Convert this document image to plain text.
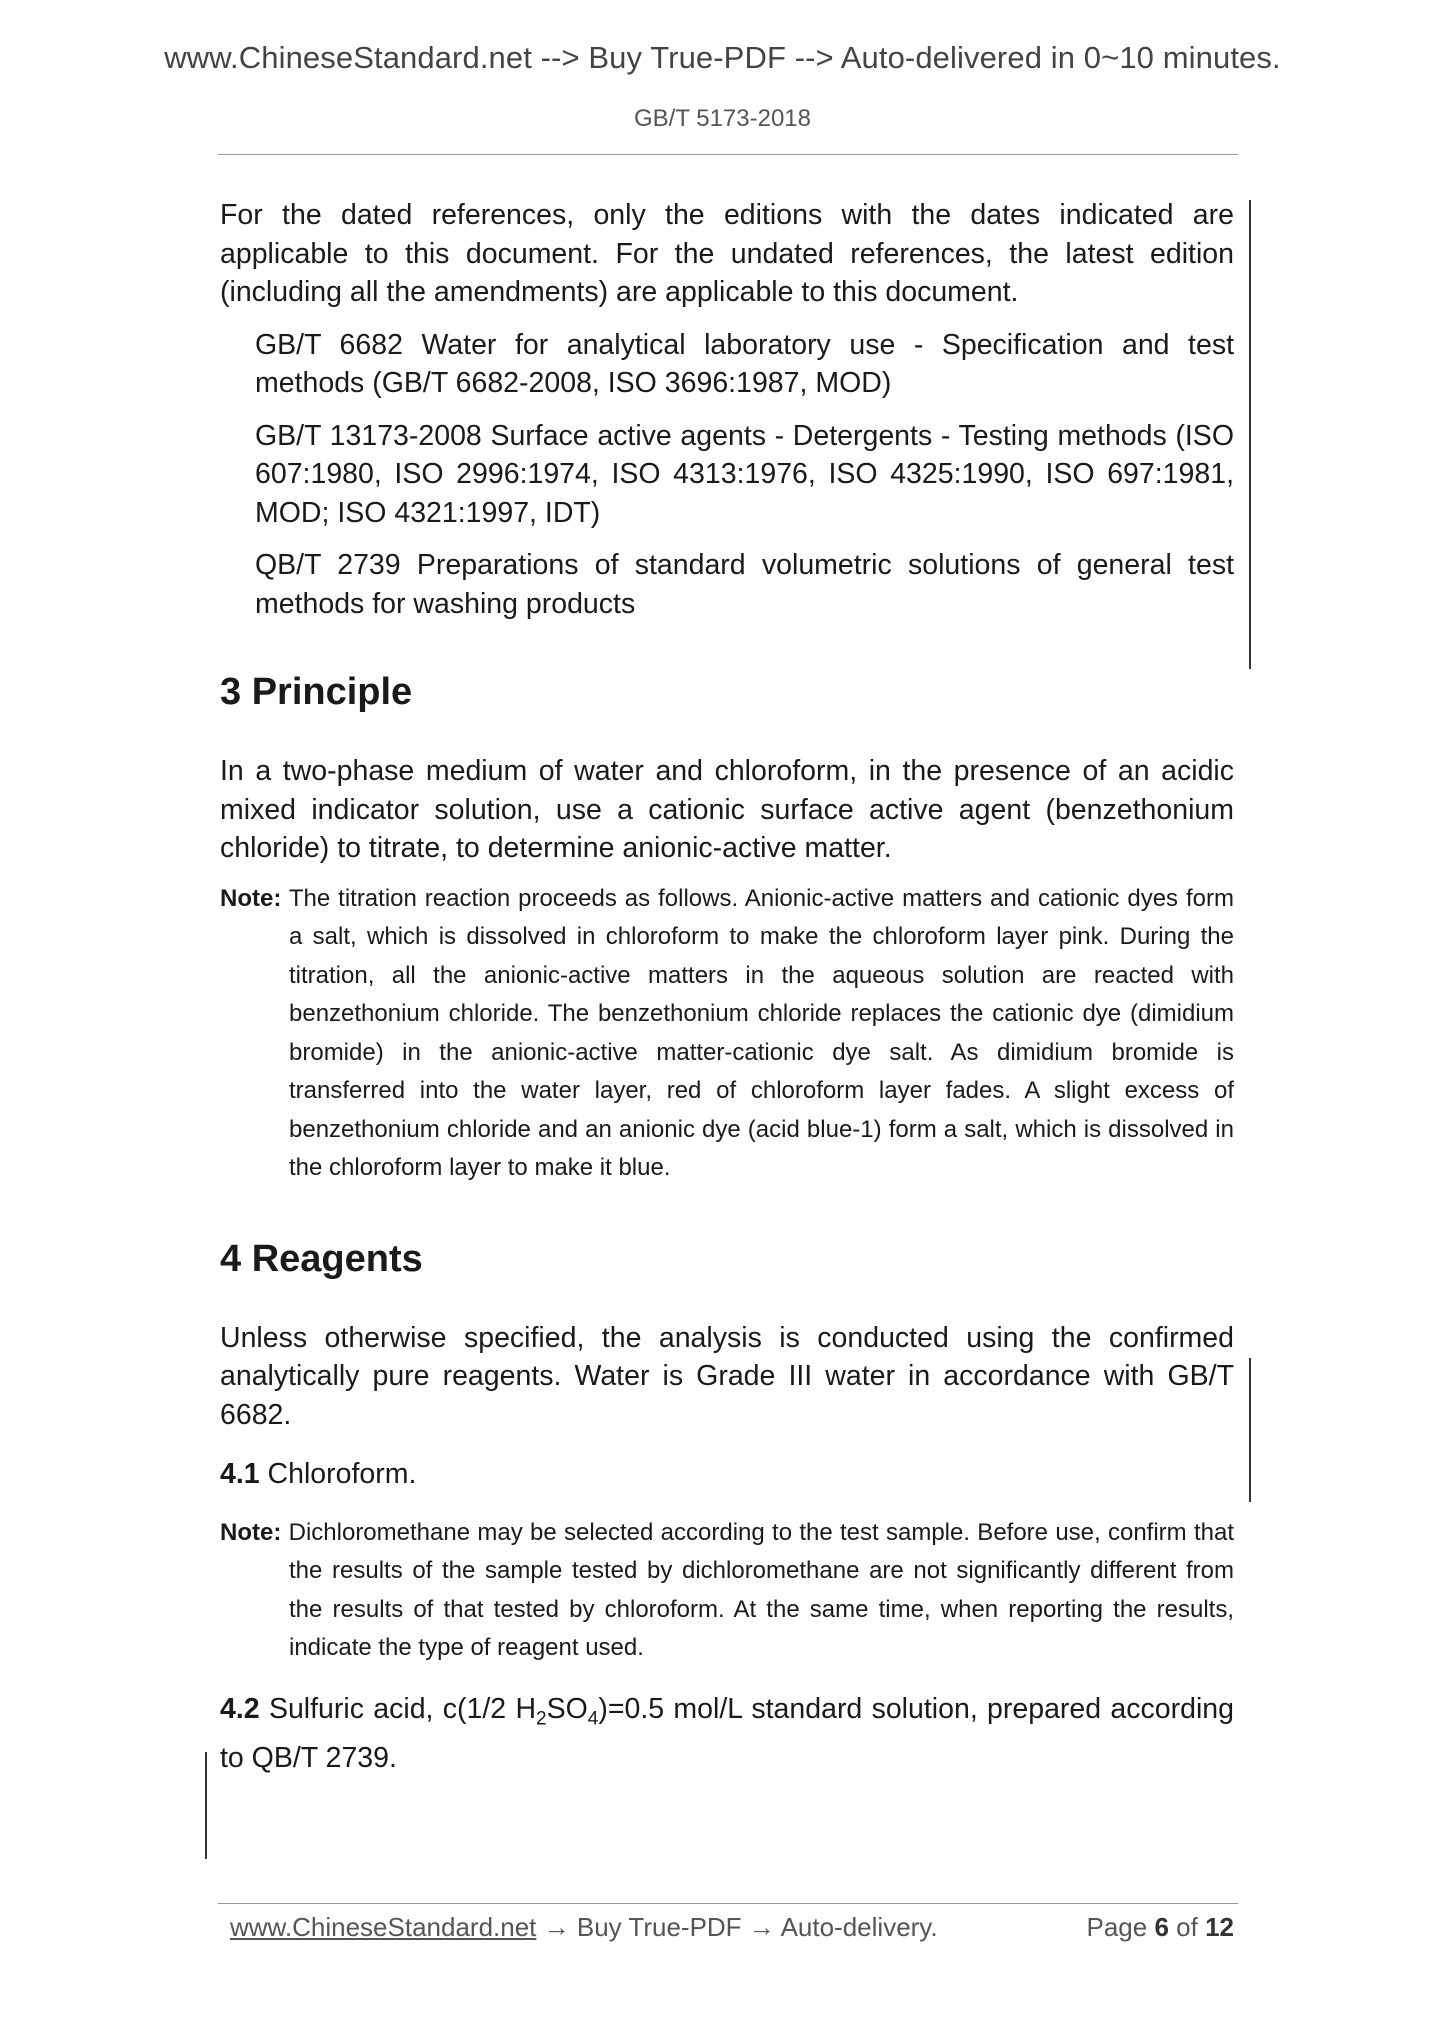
www.ChineseStandard.net --> Buy True-PDF --> Auto-delivered in 0~10 minutes.
GB/T 5173-2018

For the dated references, only the editions with the dates indicated are applicable to this document. For the undated references, the latest edition (including all the amendments) are applicable to this document.

GB/T 6682 Water for analytical laboratory use - Specification and test methods (GB/T 6682-2008, ISO 3696:1987, MOD)

GB/T 13173-2008 Surface active agents - Detergents - Testing methods (ISO 607:1980, ISO 2996:1974, ISO 4313:1976, ISO 4325:1990, ISO 697:1981, MOD; ISO 4321:1997, IDT)

QB/T 2739 Preparations of standard volumetric solutions of general test methods for washing products

3 Principle

In a two-phase medium of water and chloroform, in the presence of an acidic mixed indicator solution, use a cationic surface active agent (benzethonium chloride) to titrate, to determine anionic-active matter.

Note: The titration reaction proceeds as follows. Anionic-active matters and cationic dyes form a salt, which is dissolved in chloroform to make the chloroform layer pink. During the titration, all the anionic-active matters in the aqueous solution are reacted with benzethonium chloride. The benzethonium chloride replaces the cationic dye (dimidium bromide) in the anionic-active matter-cationic dye salt. As dimidium bromide is transferred into the water layer, red of chloroform layer fades. A slight excess of benzethonium chloride and an anionic dye (acid blue-1) form a salt, which is dissolved in the chloroform layer to make it blue.

4 Reagents

Unless otherwise specified, the analysis is conducted using the confirmed analytically pure reagents. Water is Grade III water in accordance with GB/T 6682.

4.1 Chloroform.

Note: Dichloromethane may be selected according to the test sample. Before use, confirm that the results of the sample tested by dichloromethane are not significantly different from the results of that tested by chloroform. At the same time, when reporting the results, indicate the type of reagent used.

4.2 Sulfuric acid, c(1/2 $H_2SO_4)=0.5$ mol/L standard solution, prepared according to QB/T 2739.

www.ChineseStandard.net → Buy True-PDF → Auto-delivery.	Page 6 of 12
